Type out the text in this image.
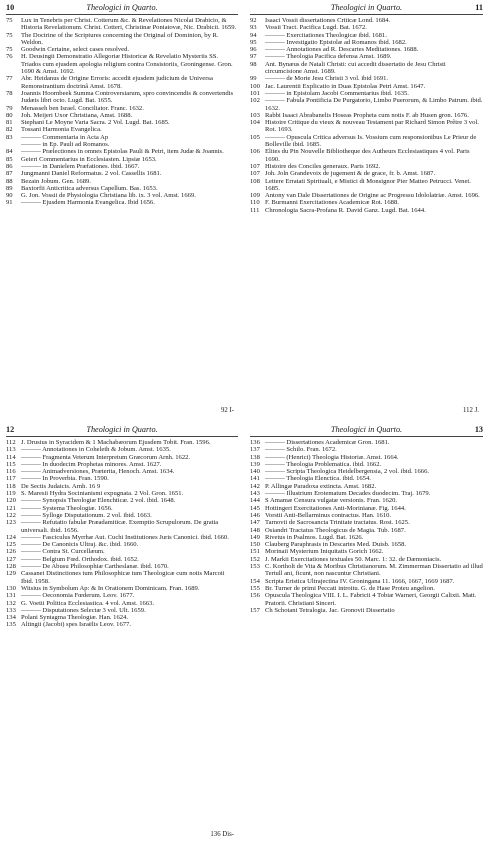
10	Theologici in Quarto.
75 Lux in Tenebris per Christ. Cotterum &c. & Revelationes Nicolai Drabicio, & Historia Revelationum. Christ. Cotteri, Christinæ Poniatovæ, Nic. Drabicii. 1659.
75 The Doctrine of the Scriptures concerning the Original of Dominion, by R. Weldon.
75 Goodwin Certaine, select cases resolved.
76 H. Deusingii Demonstratio Allegoriæ Historicæ & Revelatio Mysteriis SS. Triados cum ejusdem apologia religium contra Consistoriis, Groningense. Gron. 1690 & Amst. 1692.
77 Abr. Heidanus de Origine Erroris: accedit ejusdem judicium de Universa Remonstrantium doctrinâ Amst. 1678.
78 Joannis Hoornbeek Summa Controversiarum, spro convincendis & convertendis Judæis libri octo. Lugd. Bat. 1655.
79 Menasseh ben Israel. Conciliator. Franc. 1632.
80 Joh. Meijeri Uxor Christiana, Amst. 1688.
81 Stephani Le Moyne Varia Sacra. 2 Vol. Lugd. Bat. 1685.
82 Tossani Harmonia Evangelica.
83 ——— Commentaria in Acta Ap
——— in Ep. Pauli ad Romanos.
84 ——— Prælectiones in omnes Epistolas Pauli & Petri, item Judæ & Joannis.
85 Geieri Commentarius in Ecclesiasten. Lipsiæ 1653.
86 ——— in Danielem Præfationes. ibid. 1667.
87 Jungmanni Daniel Reformatus. 2 vol. Cassellis 1681.
88 Bezain Jobum. Gen. 1689.
89 Baxtorfii Anticritica adversus Capellum. Bas. 1653.
90 G. Jon. Vossii de Physiologia Christiana lib. ix. 3 vol. Amst. 1669.
91 ——— Ejusdem Harmonia Evangelica. Ibid 1656.
92 I-
Theologici in Quarto.	11
92 Isaaci Vossii dissertationes Criticæ Lond. 1684.
93 Vossii Tract. Pacifica Lugd. Bat. 1672.
94 ——— Exercitationes Theologicæ ibid. 1681.
95 ——— Investigatio Epistolæ ad Romanos ibid. 1682.
96 ——— Annotationes ad R. Descartes Meditationes. 1688.
97 ——— Theologia Pacifica defensa Amst. 1689.
98 Ant. Bynæus de Natali Christi: cui accedit dissertatio de Jesu Christi circumcisione Amst. 1689.
99 ——— de Morte Jesu Christi 3 vol. ibid 1691.
100 Jac. Laurentii Explicatio in Duas Epistolas Petri Amst. 1647.
101 ——— in Epistolam Jacobi Commentarius ibid. 1635.
102 ——— Fabula Pontificia De Purgatorio, Limbo Puerorum, & Limbo Patrum. ibid. 1632.
103 Rabbi Isaaci Abrabanelis Hoseas Propheta cum notis F. ab Husen gron. 1676.
104 Histoire Critique du vieux & nouveau Testament par Richard Simon Prêtre 3 vol. Rot. 1693.
105 ——— Opuscula Critica adversus Is. Vossium cum responsionibus Le Prieur de Bolleville ibid. 1685.
106 Elites du Pin Nouvelle Bibliotheque des Autheurs Ecclesiastiques 4 vol. Paris 1690.
107 Histoire des Conciles generaux. Paris 1692.
107 Joh. Joln Grandevoix de jugement & de grace, fr. b. Amst. 1687.
108 Lettere Erratati Spirituali, e Mistici di Monsignor Pier Matteo Petrucci. Venet. 1685.
109 Antony van Dale Dissertationes de Origine ac Progressu Idololatriæ. Amst. 1696.
110 F. Burmanni Exercitationes Academicæ Rot. 1688.
111 Chronologia Sacra-Profana R. David Ganz. Lugd. Bat. 1644.
112 J.
12	Theologici in Quarto.
112 J. Drusius in Syracidem & 1 Machabæorum Ejusdem Tobit. Fran. 1596.
113 ——— Annotationes in Coheleth & Jobum. Amst. 1635.
114 ——— Fragmenta Veterum Interpretum Græcorum Arnh. 1622.
115 ——— In duodecim Prophetas minores. Amst. 1627.
116 ——— Animadversiones, Præterita, Henoch. Amst. 1634.
117 ——— In Proverbia. Fran. 1590.
118 De Sectis Judaicis. Arnh. 16 9
119 S. Maresii Hydra Socinianismi expugnata. 2 Vol. Gron. 1651.
120 ——— Synopsis Theologiæ Elenchticæ. 2 vol. ibid. 1648.
121 ——— Systema Theologiæ. 1656.
122 ——— Sylloge Disputationum. 2 vol. ibid. 1663.
123 ——— Refutatio fabulæ Præadamiticæ. Exemptio Scrupulorum. De gratia universali. ibid. 1656.
124 ——— Fasciculus Myrrhæ Aut. Cuchi Institutiones Juris Canonici. ibid. 1660.
125 ——— De Canonicis Ultraj. &c. ibid. 1660.
126 ——— Contra St. Curcellæum.
127 ——— Belgium Fœd. Orthodox. ibid. 1652.
128 ——— De Abusu Philosophiæ Cartheslanæ. ibid. 1670.
129 Cassanei Distinctiones tum Philosophicæ tum Theologicæ cum notis Marcoii Ibid. 1958.
130 Witsius in Symbolum Ap: & In Orationem Dominicam. Fran. 1689.
131 ——— Oeconomia Fœderum. Leov. 1677.
132 G. Voetii Politica Ecclesiastica. 4 vol. Amst. 1663.
133 ——— Disputationes Selectæ 3 vol. Ult. 1659.
134 Polani Syntagma Theologiæ. Han. 1624.
135 Altingii (Jacobi) spes Israëlis Leov. 1677.
136 Dis-
Theologici in Quarto.	13
136 ——— Dissertationes Academicæ Gron. 1681.
137 ——— Schilo. Fran. 1672.
138 ——— (Henrici) Theologia Historiæ. Amst. 1664.
139 ——— Theologia Problematica. ibid. 1662.
140 ——— Scripta Theologica Heidelbergensia, 2 vol. ibid. 1666.
141 ——— Theologia Elenctica. ibid. 1654.
142 P. Allingæ Paradoxa extincta. Amst. 1682.
143 ——— Illustrium Erotematum Decades duodecim. Traj. 1679.
144 S Amamæ Censura vulgatæ versionis. Fran. 1620.
145 Hottingeri Exercitationes Anti-Morinianæ. Fig. 1644.
146 Vorstii Anti-Bellarminus contractus. Han. 1610.
147 Tarnovii de Sacrosancta Trinitate tractatus. Rost. 1625.
148 Osiandri Tractatus Theologicus de Magia. Tub. 1687.
149 Rivetus in Psalmos. Lugd. Bat. 1626.
150 Clauberg Paraphrasis in Descartes Med. Duisb. 1658.
151 Morinaii Mysterium Iniquitatis Gorich 1662.
152 J. Markii Exercitationes textuales 50. Marc. 1: 32. de Dæmoniacis.
153 C. Kortholt de Vita & Moribus Christianorum. M. Zimmerman Dissertatio ad illud Tertull ani, ficunt, non nascuntur Christiani.
154 Scripta Eristica Ultrajectina IV. Groningana 11. 1666, 1667, 1669 1687.
155 Br. Turner de primi Peccati introitu. G. de Hase Proteu angelion.
156 Opuscula Theologica VIII. I. L. Fabricii 4 Tobiæ Warneri, Georgii Calixti. Matt. Pratorii. Christiani Sinceri.
157 Ch Schotani Tetralogia. Jac. Gronovii Dissertatio
